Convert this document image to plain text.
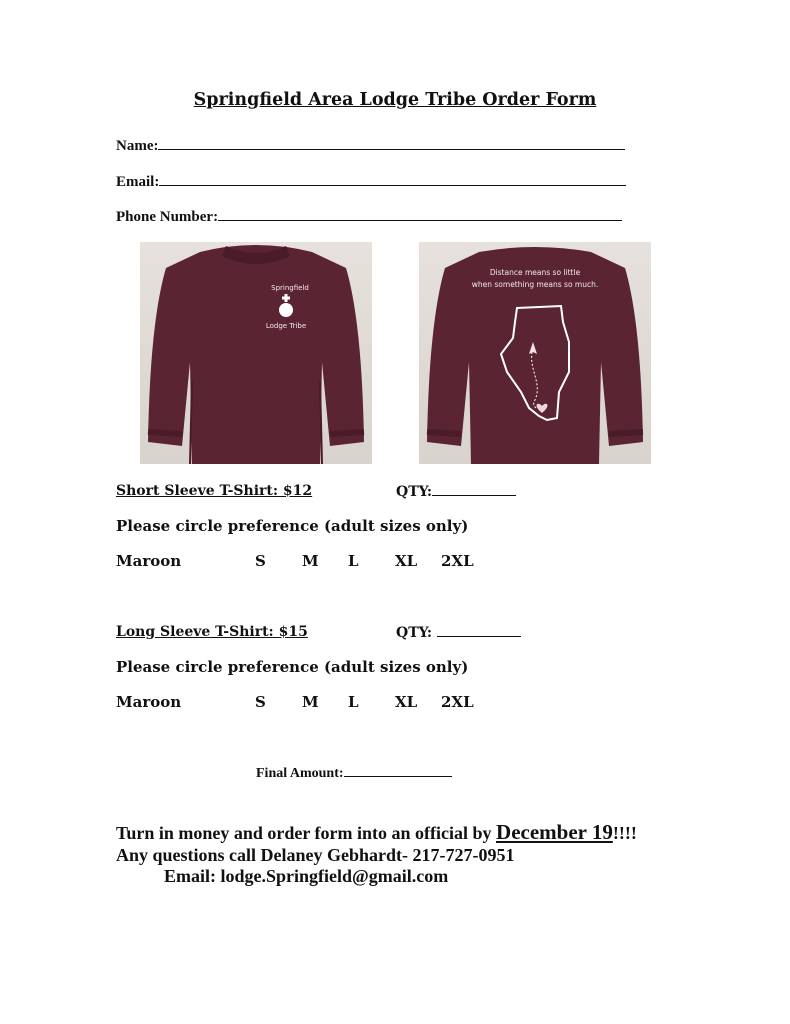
Springfield Area Lodge Tribe Order Form
Name:
Email:
Phone Number:
Springfield
Lodge Tribe
Distance means so little
when something means so much.
Short Sleeve T-Shirt: $12	QTY:
Please circle preference (adult sizes only)
Maroon	S M L XL 2XL
Long Sleeve T-Shirt: $15	QTY:
Please circle preference (adult sizes only)
Maroon	S M L XL 2XL
Final Amount:
Turn in money and order form into an official by December 19!!!!
Any questions call Delaney Gebhardt- 217-727-0951
Email: lodge.Springfield@gmail.com
